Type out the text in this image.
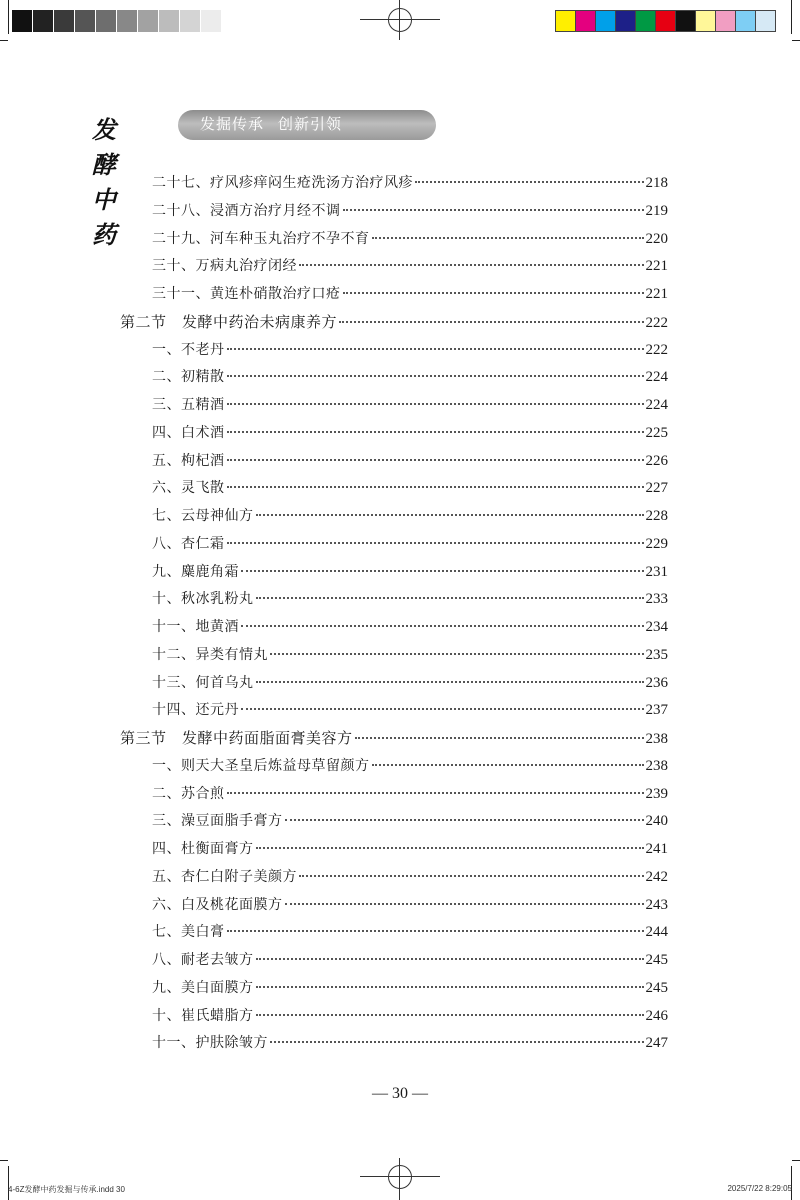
发酵中药
发掘传承 创新引领
二十七、疗风疹痒闷生疮洗汤方治疗风疹	218
二十八、浸酒方治疗月经不调	219
二十九、河车种玉丸治疗不孕不育	220
三十、万病丸治疗闭经	221
三十一、黄连朴硝散治疗口疮	221
第二节　发酵中药治未病康养方	222
一、不老丹	222
二、初精散	224
三、五精酒	224
四、白术酒	225
五、枸杞酒	226
六、灵飞散	227
七、云母神仙方	228
八、杏仁霜	229
九、麋鹿角霜	231
十、秋冰乳粉丸	233
十一、地黄酒	234
十二、异类有情丸	235
十三、何首乌丸	236
十四、还元丹	237
第三节　发酵中药面脂面膏美容方	238
一、则天大圣皇后炼益母草留颜方	238
二、苏合煎	239
三、澡豆面脂手膏方	240
四、杜衡面膏方	241
五、杏仁白附子美颜方	242
六、白及桃花面膜方	243
七、美白膏	244
八、耐老去皱方	245
九、美白面膜方	245
十、崔氏蜡脂方	246
十一、护肤除皱方	247
— 30 —
4-6Z发酵中药发掘与传承.indd 30	2025/7/22 8:29:05
